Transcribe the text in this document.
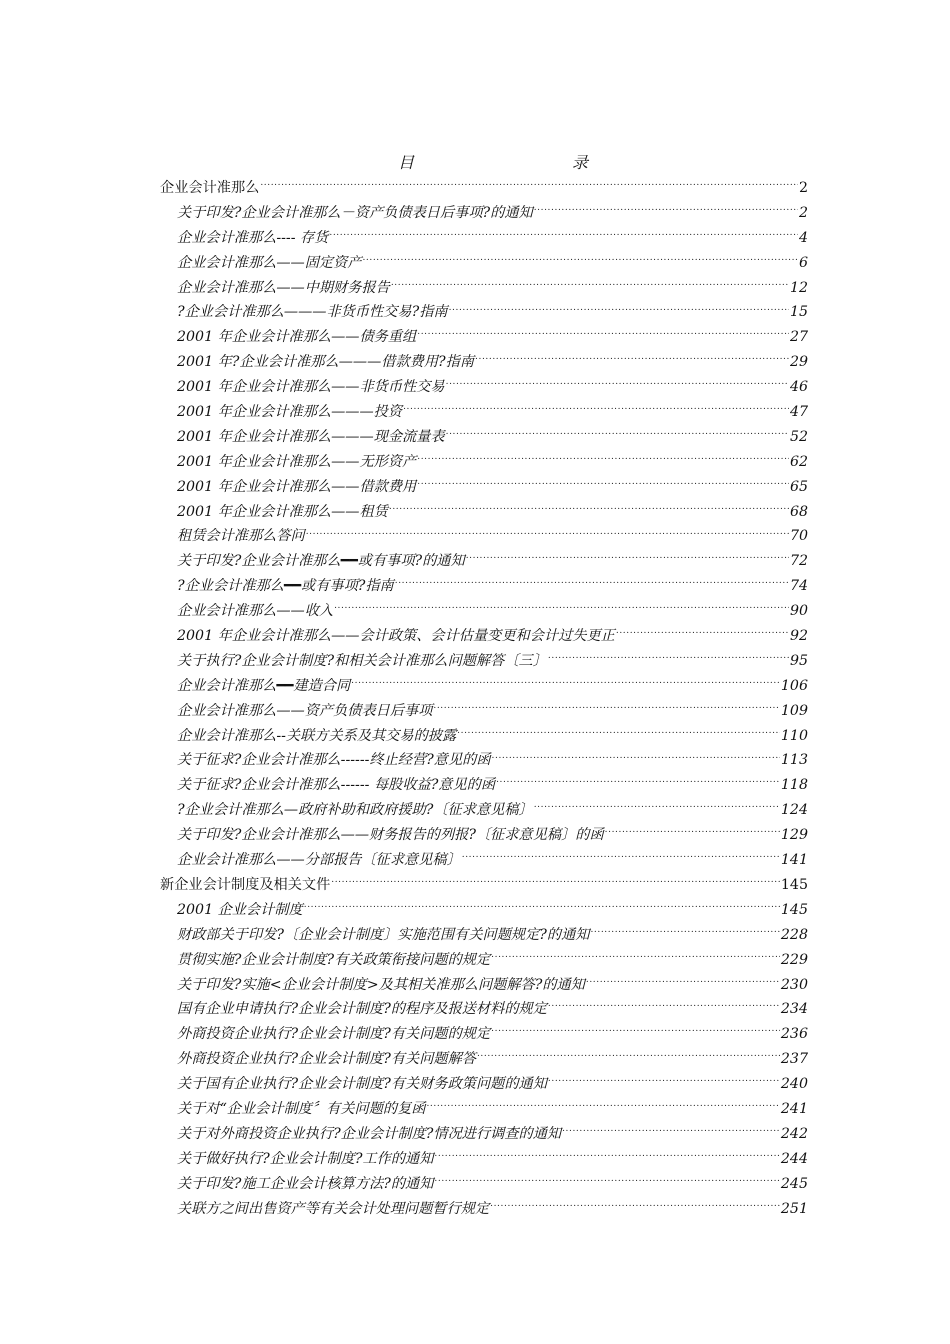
目	录
企业会计准那么 .....	2
关于印发?企业会计准那么－资产负债表日后事项?的通知 .....	2
企业会计准那么---- 存货 .....	4
企业会计准那么——固定资产 .....	6
企业会计准那么——中期财务报告 .....	12
?企业会计准那么———非货币性交易?指南 .....	15
2001 年企业会计准那么——债务重组 .....	27
2001 年?企业会计准那么———借款费用?指南 .....	29
2001 年企业会计准那么——非货币性交易 .....	46
2001 年企业会计准那么———投资 .....	47
2001 年企业会计准那么———现金流量表 .....	52
2001 年企业会计准那么——无形资产 .....	62
2001 年企业会计准那么——借款费用 .....	65
2001 年企业会计准那么——租赁 .....	68
租赁会计准那么答问 .....	70
关于印发?企业会计准那么━━或有事项?的通知 .....	72
?企业会计准那么━━或有事项?指南 .....	74
企业会计准那么——收入 .....	90
2001 年企业会计准那么——会计政策、会计估量变更和会计过失更正 .....	92
关于执行?企业会计制度?和相关会计准那么问题解答〔三〕 .....	95
企业会计准那么━━建造合同 .....	106
企业会计准那么——资产负债表日后事项 .....	109
企业会计准那么--关联方关系及其交易的披露 .....	110
关于征求?企业会计准那么------终止经营?意见的函 .....	113
关于征求?企业会计准那么------ 每股收益?意见的函 .....	118
?企业会计准那么—政府补助和政府援助?〔征求意见稿〕 .....	124
关于印发?企业会计准那么——财务报告的列报?〔征求意见稿〕的函 .....	129
企业会计准那么——分部报告〔征求意见稿〕 .....	141
新企业会计制度及相关文件 .....	145
2001 企业会计制度 .....	145
财政部关于印发?〔企业会计制度〕实施范围有关问题规定?的通知 .....	228
贯彻实施?企业会计制度?有关政策衔接问题的规定 .....	229
关于印发?实施<企业会计制度>及其相关准那么问题解答?的通知 .....	230
国有企业申请执行?企业会计制度?的程序及报送材料的规定 .....	234
外商投资企业执行?企业会计制度?有关问题的规定 .....	236
外商投资企业执行?企业会计制度?有关问题解答 .....	237
关于国有企业执行?企业会计制度?有关财务政策问题的通知 .....	240
关于对“企业会计制度〞有关问题的复函 .....	241
关于对外商投资企业执行?企业会计制度?情况进行调查的通知 .....	242
关于做好执行?企业会计制度?工作的通知 .....	244
关于印发?施工企业会计核算方法?的通知 .....	245
关联方之间出售资产等有关会计处理问题暂行规定 .....	251
